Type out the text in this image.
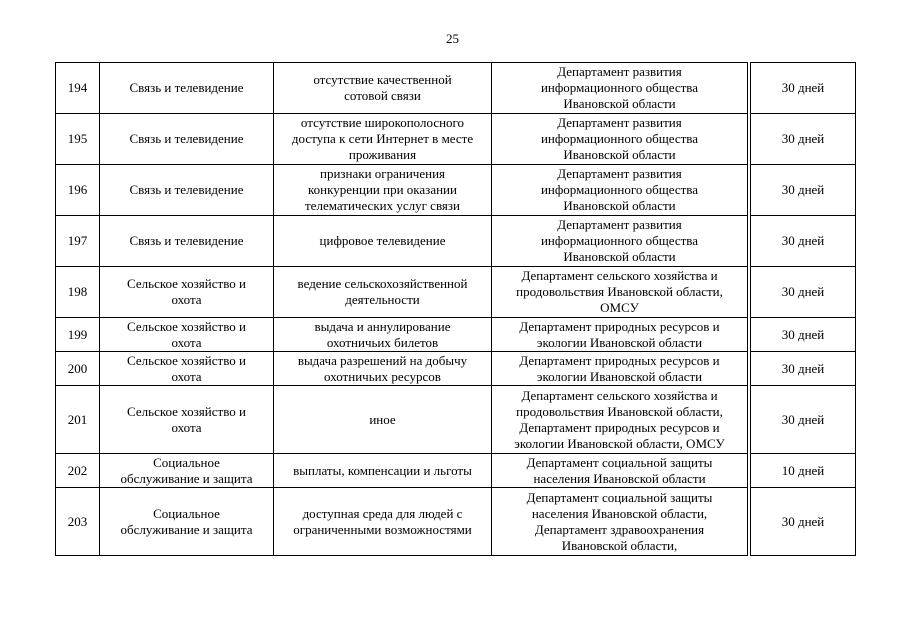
25
194	Связь и телевидение	отсутствие качественной
сотовой связи	Департамент развития
информационного общества
Ивановской области		30 дней

195	Связь и телевидение	отсутствие широкополосного
доступа к сети Интернет в месте
проживания	Департамент развития
информационного общества
Ивановской области		30 дней

196	Связь и телевидение	признаки ограничения
конкуренции при оказании
телематических услуг связи	Департамент развития
информационного общества
Ивановской области		30 дней

197	Связь и телевидение	цифровое телевидение	Департамент развития
информационного общества
Ивановской области		30 дней

198	Сельское хозяйство и
охота	ведение сельскохозяйственной
деятельности	Департамент сельского хозяйства и
продовольствия Ивановской области,
ОМСУ		30 дней

199	Сельское хозяйство и
охота	выдача и аннулирование
охотничьих билетов	Департамент природных ресурсов и
экологии Ивановской области		30 дней

200	Сельское хозяйство и
охота	выдача разрешений на добычу
охотничьих ресурсов	Департамент природных ресурсов и
экологии Ивановской области		30 дней

201	Сельское хозяйство и
охота	иное	Департамент сельского хозяйства и
продовольствия Ивановской области,
Департамент природных ресурсов и
экологии Ивановской области, ОМСУ		30 дней

202	Социальное
обслуживание и защита	выплаты, компенсации и льготы	Департамент социальной защиты
населения Ивановской области		10 дней

203	Социальное
обслуживание и защита	доступная среда для людей с
ограниченными возможностями	Департамент социальной защиты
населения Ивановской области,
Департамент здравоохранения
Ивановской области,		30 дней
